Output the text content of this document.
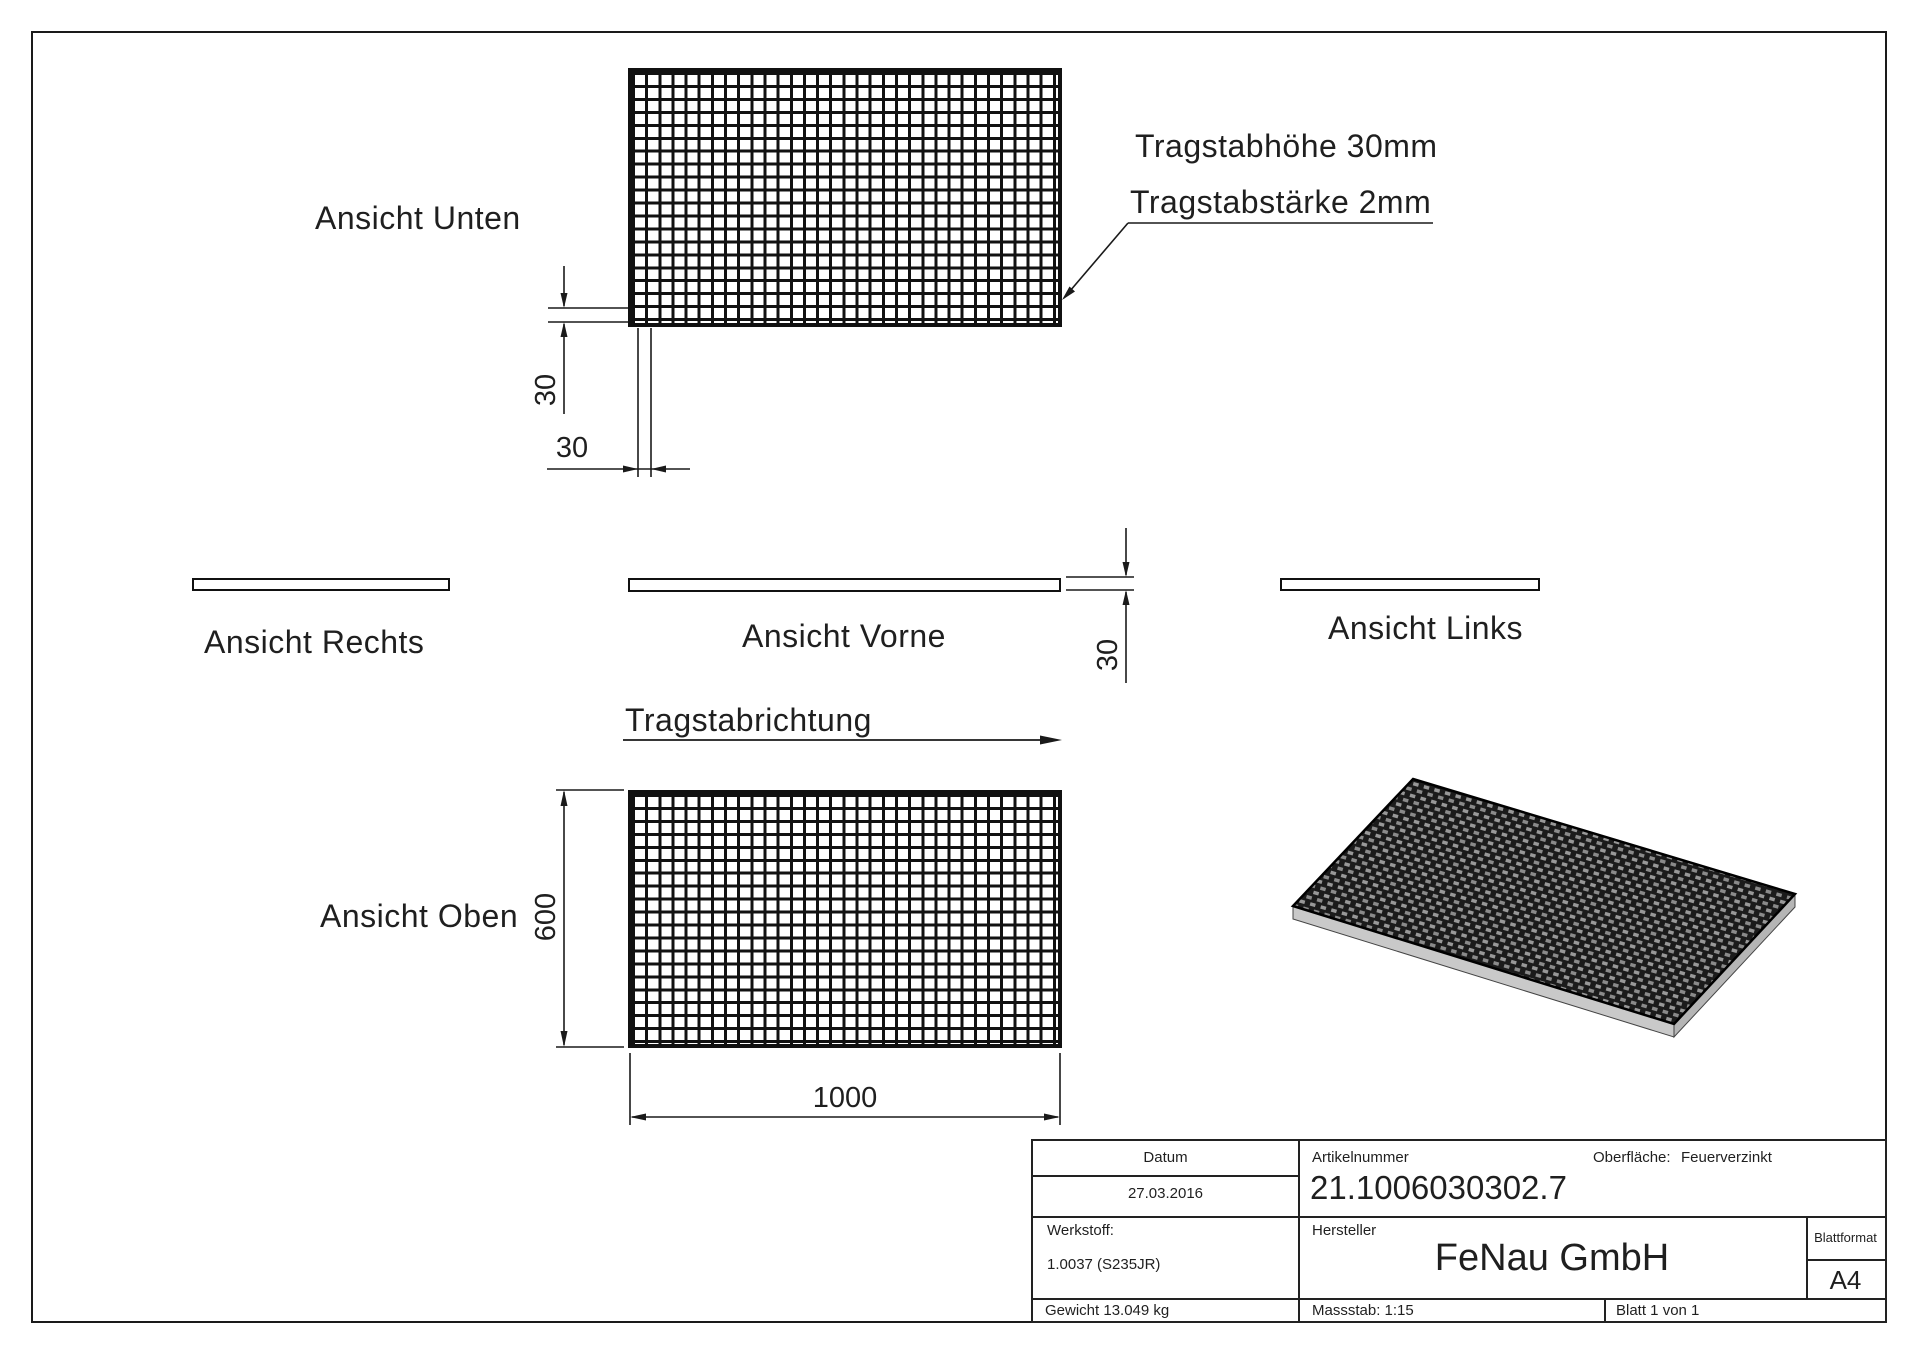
Ansicht Unten
Ansicht Rechts	Ansicht Vorne	Ansicht Links
Ansicht Oben
Tragstabhöhe 30mm
Tragstabstärke 2mm
Tragstabrichtung
30
30
30
600
1000
Datum
27.03.2016
Artikelnummer	Oberfläche: Feuerverzinkt
21.1006030302.7
Werkstoff:
1.0037 (S235JR)
Hersteller
FeNau GmbH	Blattformat
A4
Gewicht 13.049 kg	Massstab: 1:15	Blatt 1 von 1
